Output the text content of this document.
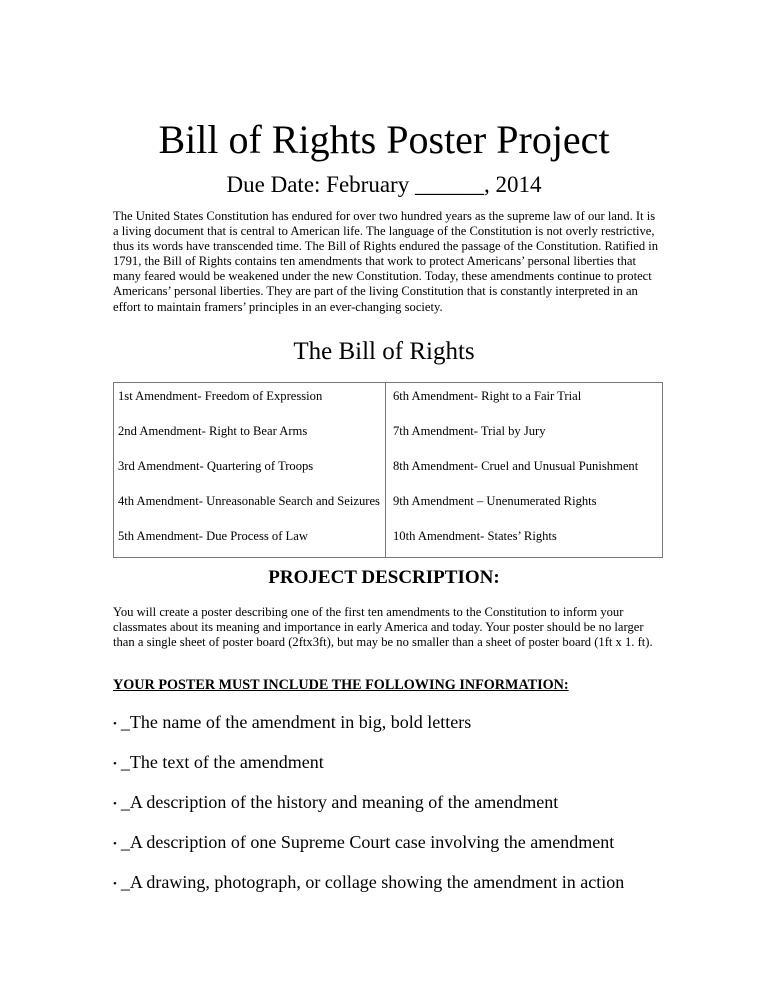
Bill of Rights Poster Project
Due Date: February ______, 2014
The United States Constitution has endured for over two hundred years as the supreme law of our land. It is a living document that is central to American life. The language of the Constitution is not overly restrictive, thus its words have transcended time. The Bill of Rights endured the passage of the Constitution. Ratified in 1791, the Bill of Rights contains ten amendments that work to protect Americans’ personal liberties that many feared would be weakened under the new Constitution. Today, these amendments continue to protect Americans’ personal liberties. They are part of the living Constitution that is constantly interpreted in an effort to maintain framers’ principles in an ever-changing society.
The Bill of Rights
1st Amendment- Freedom of Expression
2nd Amendment- Right to Bear Arms
3rd Amendment- Quartering of Troops
4th Amendment- Unreasonable Search and Seizures
5th Amendment- Due Process of Law
6th Amendment- Right to a Fair Trial
7th Amendment- Trial by Jury
8th Amendment- Cruel and Unusual Punishment
9th Amendment – Unenumerated Rights
10th Amendment- States’ Rights
PROJECT DESCRIPTION:
You will create a poster describing one of the first ten amendments to the Constitution to inform your classmates about its meaning and importance in early America and today. Your poster should be no larger than a single sheet of poster board (2ftx3ft), but may be no smaller than a sheet of poster board (1ft x 1. ft).
YOUR POSTER MUST INCLUDE THE FOLLOWING INFORMATION:
• _The name of the amendment in big, bold letters
• _The text of the amendment
• _A description of the history and meaning of the amendment
• _A description of one Supreme Court case involving the amendment
• _A drawing, photograph, or collage showing the amendment in action
